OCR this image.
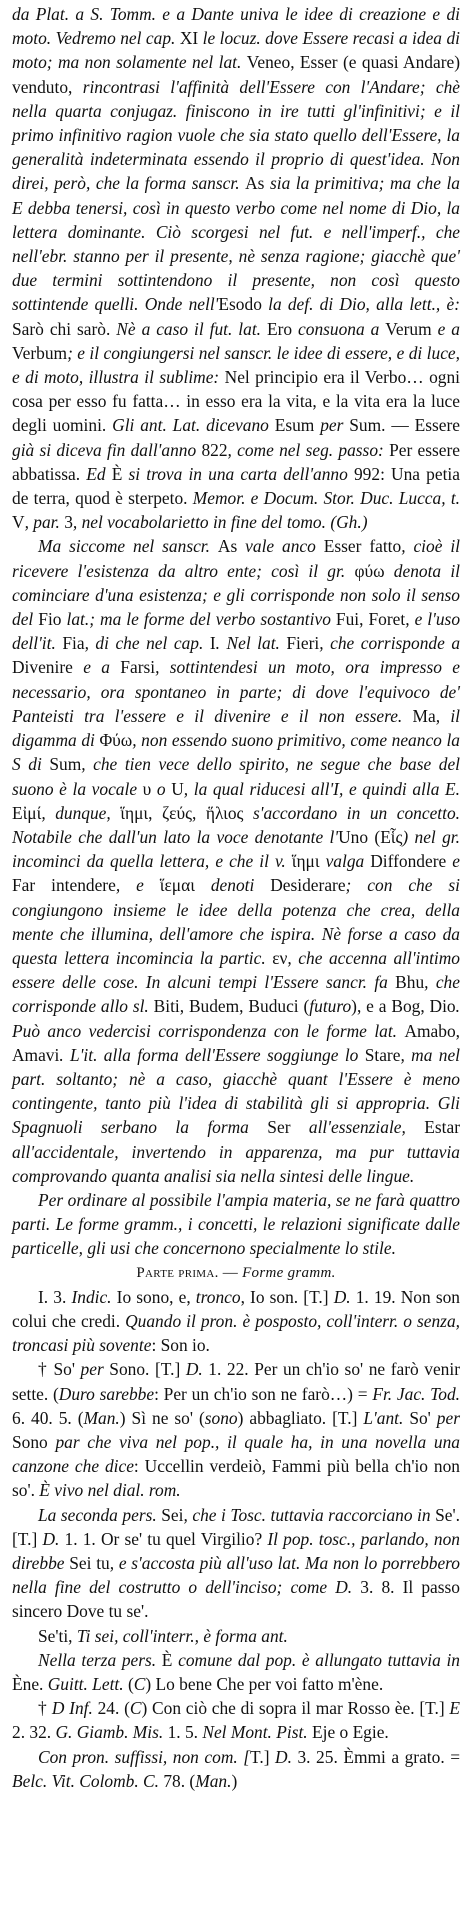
da Plat. a S. Tomm. e a Dante univa le idee di creazione e di moto. Vedremo nel cap. XI le locuz. dove Essere recasi a idea di moto; ma non solamente nel lat. Veneo, Esser (e quasi Andare) venduto, rincontrasi l'affinità dell'Essere con l'Andare; chè nella quarta conjugaz. finiscono in ire tutti gl'infinitivi; e il primo infinitivo ragion vuole che sia stato quello dell'Essere, la generalità indeterminata essendo il proprio di quest'idea. Non direi, però, che la forma sanscr. As sia la primitiva; ma che la E debba tenersi, così in questo verbo come nel nome di Dio, la lettera dominante. Ciò scorgesi nel fut. e nell'imperf., che nell'ebr. stanno per il presente, nè senza ragione; giacchè que' due termini sottintendono il presente, non così questo sottintende quelli. Onde nell'Esodo la def. di Dio, alla lett., è: Sarò chi sarò. Nè a caso il fut. lat. Ero consuona a Verum e a Verbum; e il congiungersi nel sanscr. le idee di essere, e di luce, e di moto, illustra il sublime: Nel principio era il Verbo… ogni cosa per esso fu fatta… in esso era la vita, e la vita era la luce degli uomini. Gli ant. Lat. dicevano Esum per Sum. — Essere già si diceva fin dall'anno 822, come nel seg. passo: Per essere abbatissa. Ed È si trova in una carta dell'anno 992: Una petia de terra, quod è sterpeto. Memor. e Docum. Stor. Duc. Lucca, t. V, par. 3, nel vocabolarietto in fine del tomo. (Gh.)

Ma siccome nel sanscr. As vale anco Esser fatto, cioè il ricevere l'esistenza da altro ente; così il gr. φύω denota il cominciare d'una esistenza; e gli corrisponde non solo il senso del Fio lat.; ma le forme del verbo sostantivo Fui, Foret, e l'uso dell'it. Fia, di che nel cap. I. Nel lat. Fieri, che corrisponde a Divenire e a Farsi, sottintendesi un moto, ora impresso e necessario, ora spontaneo in parte; di dove l'equivoco de' Panteisti tra l'essere e il divenire e il non essere. Ma, il digamma di Φύω, non essendo suono primitivo, come neanco la S di Sum, che tien vece dello spirito, ne segue che base del suono è la vocale υ o U, la qual riducesi all'I, e quindi alla E. Εἰμί, dunque, ἵημι, ζεύς, ἥλιος s'accordano in un concetto. Notabile che dall'un lato la voce denotante l'Uno (Εἷς) nel gr. incominci da quella lettera, e che il v. ἵημι valga Diffondere e Far intendere, e ἵεμαι denoti Desiderare; con che si congiungono insieme le idee della potenza che crea, della mente che illumina, dell'amore che ispira. Nè forse a caso da questa lettera incomincia la partic. εν, che accenna all'intimo essere delle cose. In alcuni tempi l'Essere sancr. fa Bhu, che corrisponde allo sl. Biti, Budem, Buduci (futuro), e a Bog, Dio. Può anco vedercisi corrispondenza con le forme lat. Amabo, Amavi. L'it. alla forma dell'Essere soggiunge lo Stare, ma nel part. soltanto; nè a caso, giacchè quant l'Essere è meno contingente, tanto più l'idea di stabilità gli si appropria. Gli Spagnuoli serbano la forma Ser all'essenziale, Estar all'accidentale, invertendo in apparenza, ma pur tuttavia comprovando quanta analisi sia nella sintesi delle lingue.

Per ordinare al possibile l'ampia materia, se ne farà quattro parti. Le forme gramm., i concetti, le relazioni significate dalle particelle, gli usi che concernono specialmente lo stile.

Parte prima. — Forme gramm.

I. 3. Indic. Io sono, e, tronco, Io son. [T.] D. 1. 19. Non son colui che credi. Quando il pron. è posposto, coll'interr. o senza, troncasi più sovente: Son io.

† So' per Sono. [T.] D. 1. 22. Per un ch'io so' ne farò venir sette. (Duro sarebbe: Per un ch'io son ne farò…) = Fr. Jac. Tod. 6. 40. 5. (Man.) Sì ne so' (sono) abbagliato. [T.] L'ant. So' per Sono par che viva nel pop., il quale ha, in una novella una canzone che dice: Uccellin verdeiò, Fammi più bella ch'io non so'. È vivo nel dial. rom.

La seconda pers. Sei, che i Tosc. tuttavia raccorciano in Se'. [T.] D. 1. 1. Or se' tu quel Virgilio? Il pop. tosc., parlando, non direbbe Sei tu, e s'accosta più all'uso lat. Ma non lo porrebbero nella fine del costrutto o dell'inciso; come D. 3. 8. Il passo sincero Dove tu se'.

Se'ti, Ti sei, coll'interr., è forma ant.

Nella terza pers. È comune dal pop. è allungato tuttavia in Ène. Guitt. Lett. (C) Lo bene Che per voi fatto m'ène.

† D Inf. 24. (C) Con ciò che di sopra il mar Rosso èe. [T.] E 2. 32. G. Giamb. Mis. 1. 5. Nel Mont. Pist. Eje o Egie.

Con pron. suffissi, non com. [T.] D. 3. 25. Èmmi a grato. = Belc. Vit. Colomb. C. 78. (Man.)
